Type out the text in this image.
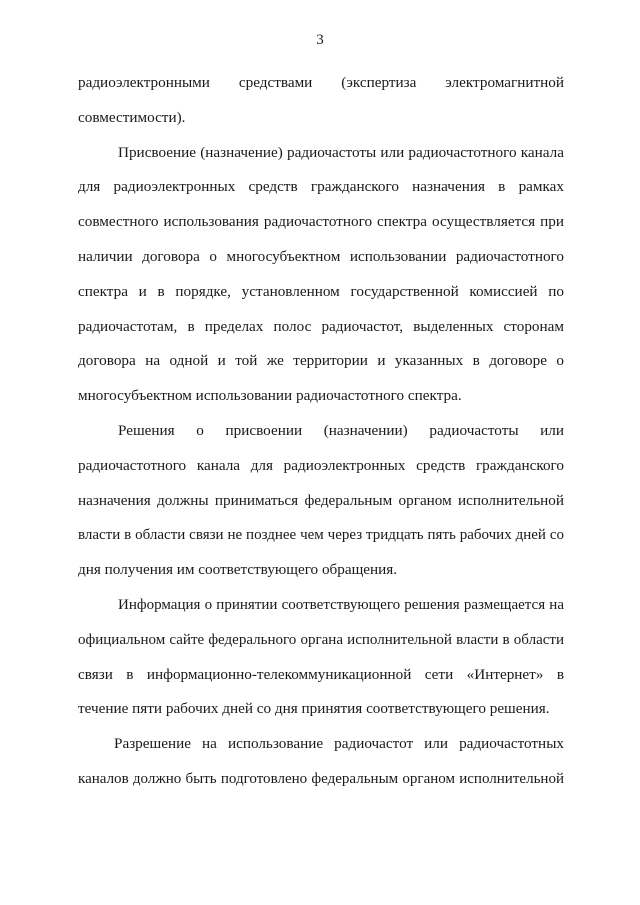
3

радиоэлектронными средствами (экспертиза электромагнитной
совместимости).

Присвоение (назначение) радиочастоты или радиочастотного канала
для радиоэлектронных средств гражданского назначения в рамках
совместного использования радиочастотного спектра осуществляется при
наличии договора о многосубъектном использовании радиочастотного
спектра и в порядке, установленном государственной комиссией по
радиочастотам, в пределах полос радиочастот, выделенных сторонам
договора на одной и той же территории и указанных в договоре о
многосубъектном использовании радиочастотного спектра.

Решения о присвоении (назначении) радиочастоты или
радиочастотного канала для радиоэлектронных средств гражданского
назначения должны приниматься федеральным органом исполнительной
власти в области связи не позднее чем через тридцать пять рабочих дней со
дня получения им соответствующего обращения.

Информация о принятии соответствующего решения размещается на
официальном сайте федерального органа исполнительной власти в области
связи в информационно-телекоммуникационной сети «Интернет» в
течение пяти рабочих дней со дня принятия соответствующего решения.

Разрешение на использование радиочастот или радиочастотных
каналов должно быть подготовлено федеральным органом исполнительной
